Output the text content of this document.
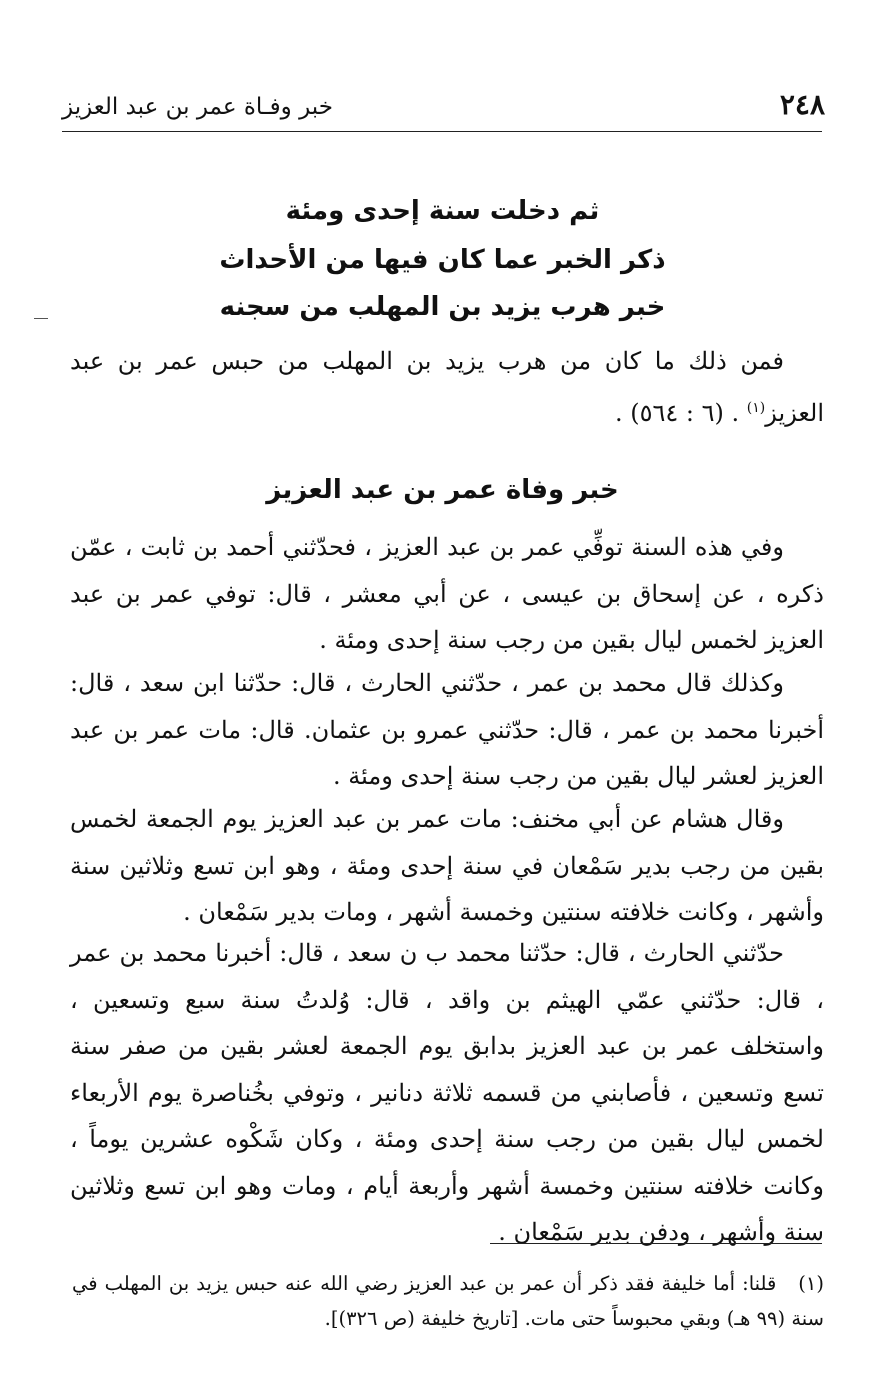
٢٤٨
خبر وفـاة عمر بن عبد العزيز
ثم دخلت سنة إحدى ومئة
ذكر الخبر عما كان فيها من الأحداث
خبر هرب يزيد بن المهلب من سجنه
فمن ذلك ما كان من هرب يزيد بن المهلب من حبس عمر بن عبد العزيز$^{(١)}$ . (٦ : ٥٦٤) .
خبر وفاة عمر بن عبد العزيز
وفي هذه السنة توفِّي عمر بن عبد العزيز ، فحدّثني أحمد بن ثابت ، عمّن ذكره ، عن إسحاق بن عيسى ، عن أبي معشر ، قال: توفي عمر بن عبد العزيز لخمس ليال بقين من رجب سنة إحدى ومئة .
وكذلك قال محمد بن عمر ، حدّثني الحارث ، قال: حدّثنا ابن سعد ، قال: أخبرنا محمد بن عمر ، قال: حدّثني عمرو بن عثمان. قال: مات عمر بن عبد العزيز لعشر ليال بقين من رجب سنة إحدى ومئة .
وقال هشام عن أبي مخنف: مات عمر بن عبد العزيز يوم الجمعة لخمس بقين من رجب بدير سَمْعان في سنة إحدى ومئة ، وهو ابن تسع وثلاثين سنة وأشهر ، وكانت خلافته سنتين وخمسة أشهر ، ومات بدير سَمْعان .
حدّثني الحارث ، قال: حدّثنا محمد ب ن سعد ، قال: أخبرنا محمد بن عمر ، قال: حدّثني عمّي الهيثم بن واقد ، قال: وُلدتُ سنة سبع وتسعين ، واستخلف عمر بن عبد العزيز بدابق يوم الجمعة لعشر بقين من صفر سنة تسع وتسعين ، فأصابني من قسمه ثلاثة دنانير ، وتوفي بخُناصرة يوم الأربعاء لخمس ليال بقين من رجب سنة إحدى ومئة ، وكان شَكْوه عشرين يوماً ، وكانت خلافته سنتين وخمسة أشهر وأربعة أيام ، ومات وهو ابن تسع وثلاثين سنة وأشهر ، ودفن بدير سَمْعان .
(١)قلنا: أما خليفة فقد ذكر أن عمر بن عبد العزيز رضي الله عنه حبس يزيد بن المهلب في سنة (٩٩ هـ) وبقي محبوساً حتى مات. [تاريخ خليفة (ص ٣٢٦)].
